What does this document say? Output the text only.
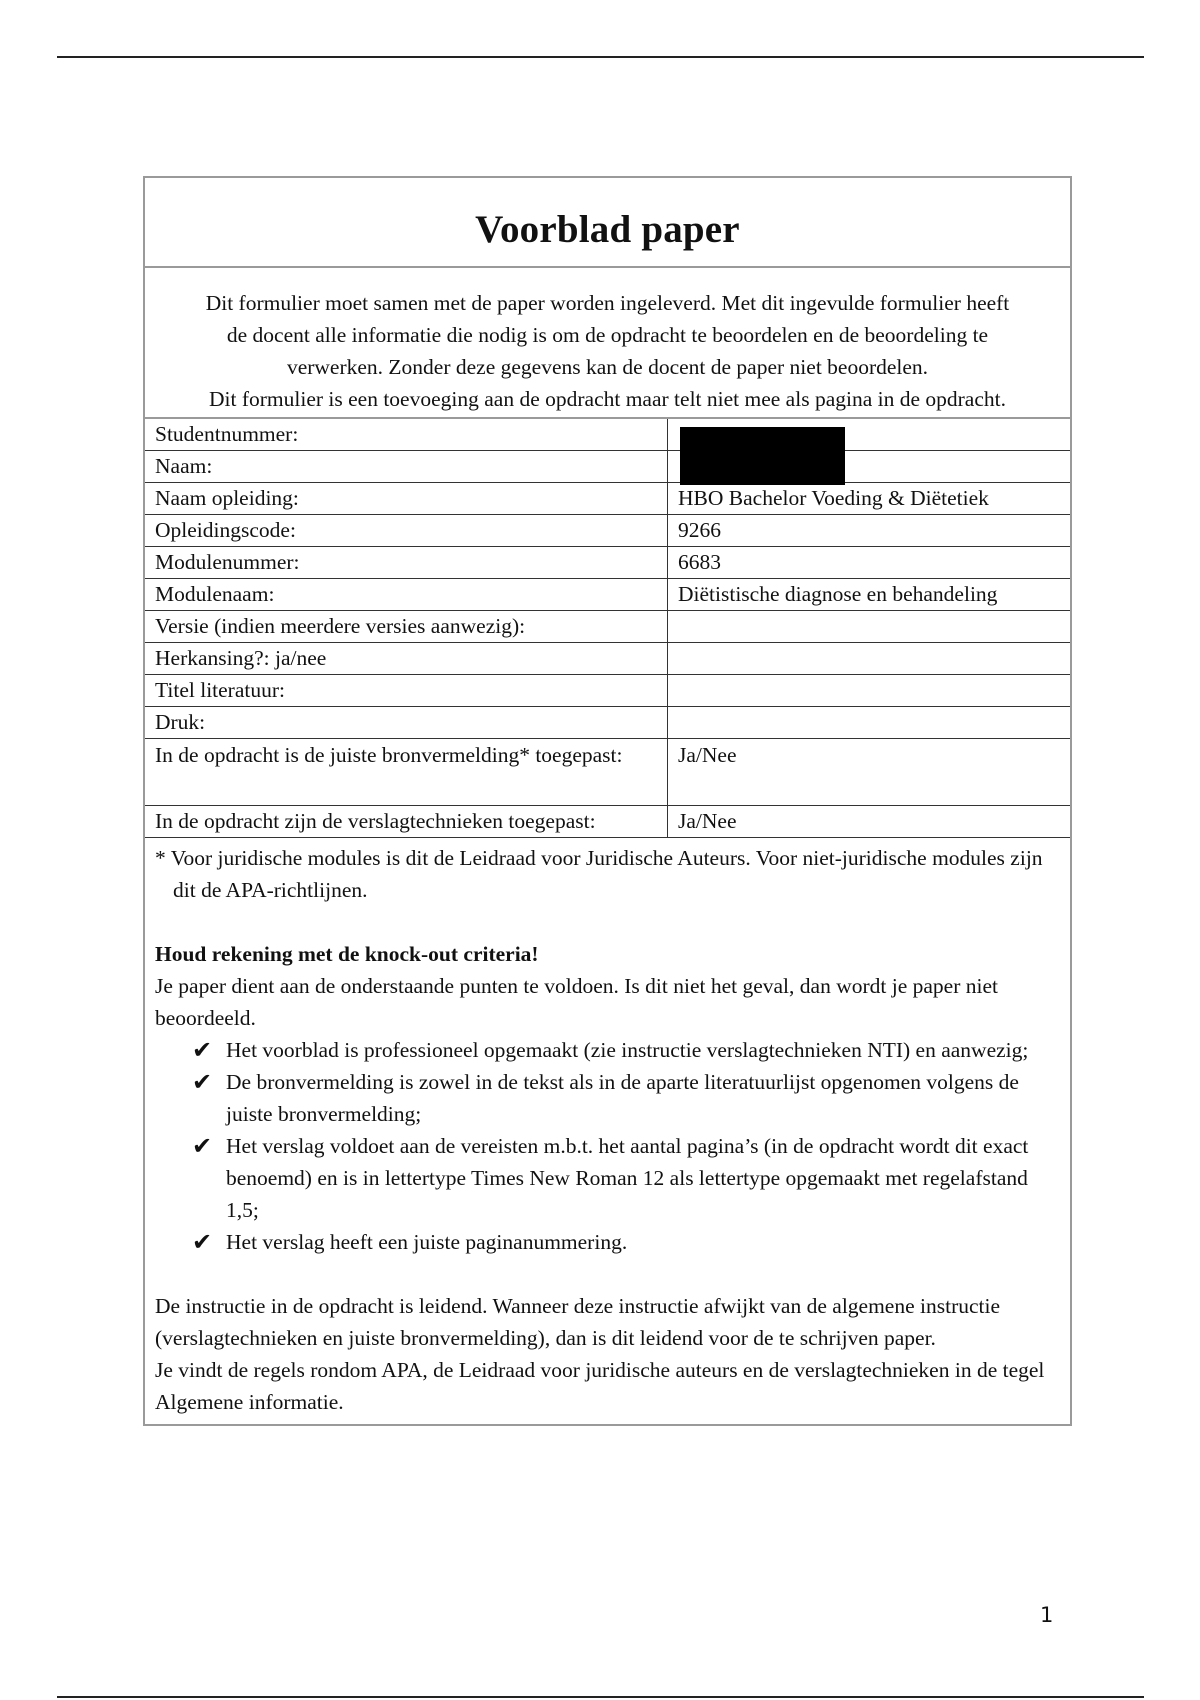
Voorblad paper

Dit formulier moet samen met de paper worden ingeleverd. Met dit ingevulde formulier heeft

de docent alle informatie die nodig is om de opdracht te beoordelen en de beoordeling te

verwerken. Zonder deze gegevens kan de docent de paper niet beoordelen.

Dit formulier is een toevoeging aan de opdracht maar telt niet mee als pagina in de opdracht.

Studentnummer:	
Naam:	
Naam opleiding:	HBO Bachelor Voeding & Diëtetiek
Opleidingscode:	9266
Modulenummer:	6683
Modulenaam:	Diëtistische diagnose en behandeling
Versie (indien meerdere versies aanwezig):	
Herkansing?: ja/nee	
Titel literatuur:	
Druk:	
In de opdracht is de juiste bronvermelding* toegepast:	Ja/Nee
In de opdracht zijn de verslagtechnieken toegepast:	Ja/Nee

* Voor juridische modules is dit de Leidraad voor Juridische Auteurs. Voor niet-juridische modules zijn dit de APA-richtlijnen.

Houd rekening met de knock-out criteria!

Je paper dient aan de onderstaande punten te voldoen. Is dit niet het geval, dan wordt je paper niet beoordeeld.

✔ Het voorblad is professioneel opgemaakt (zie instructie verslagtechnieken NTI) en aanwezig;
✔ De bronvermelding is zowel in de tekst als in de aparte literatuurlijst opgenomen volgens de juiste bronvermelding;
✔ Het verslag voldoet aan de vereisten m.b.t. het aantal pagina’s (in de opdracht wordt dit exact benoemd) en is in lettertype Times New Roman 12 als lettertype opgemaakt met regelafstand 1,5;
✔ Het verslag heeft een juiste paginanummering.

De instructie in de opdracht is leidend. Wanneer deze instructie afwijkt van de algemene instructie (verslagtechnieken en juiste bronvermelding), dan is dit leidend voor de te schrijven paper.

Je vindt de regels rondom APA, de Leidraad voor juridische auteurs en de verslagtechnieken in de tegel Algemene informatie.

1
